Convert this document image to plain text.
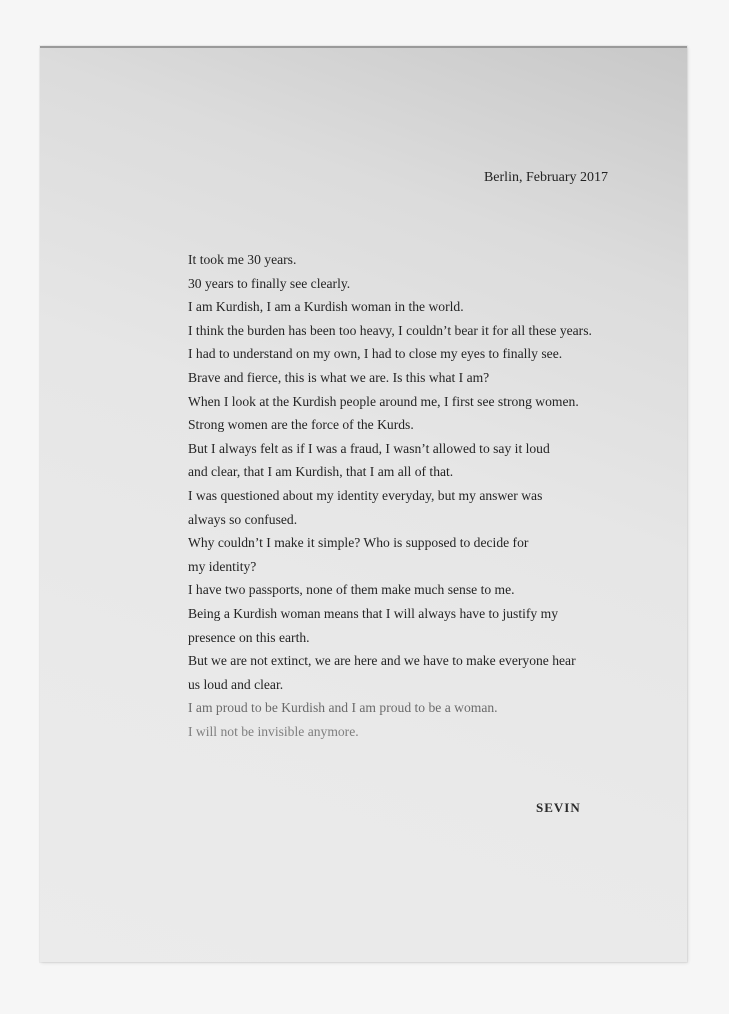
Berlin, February 2017
It took me 30 years.
30 years to finally see clearly.
I am Kurdish, I am a Kurdish woman in the world.
I think the burden has been too heavy, I couldn’t bear it for all these years.
I had to understand on my own, I had to close my eyes to finally see.
Brave and fierce, this is what we are. Is this what I am?
When I look at the Kurdish people around me, I first see strong women.
Strong women are the force of the Kurds.
But I always felt as if I was a fraud, I wasn’t allowed to say it loud
and clear, that I am Kurdish, that I am all of that.
I was questioned about my identity everyday, but my answer was
always so confused.
Why couldn’t I make it simple? Who is supposed to decide for
my identity?
I have two passports, none of them make much sense to me.
Being a Kurdish woman means that I will always have to justify my
presence on this earth.
But we are not extinct, we are here and we have to make everyone hear
us loud and clear.
I am proud to be Kurdish and I am proud to be a woman.
I will not be invisible anymore.
SEVIN
